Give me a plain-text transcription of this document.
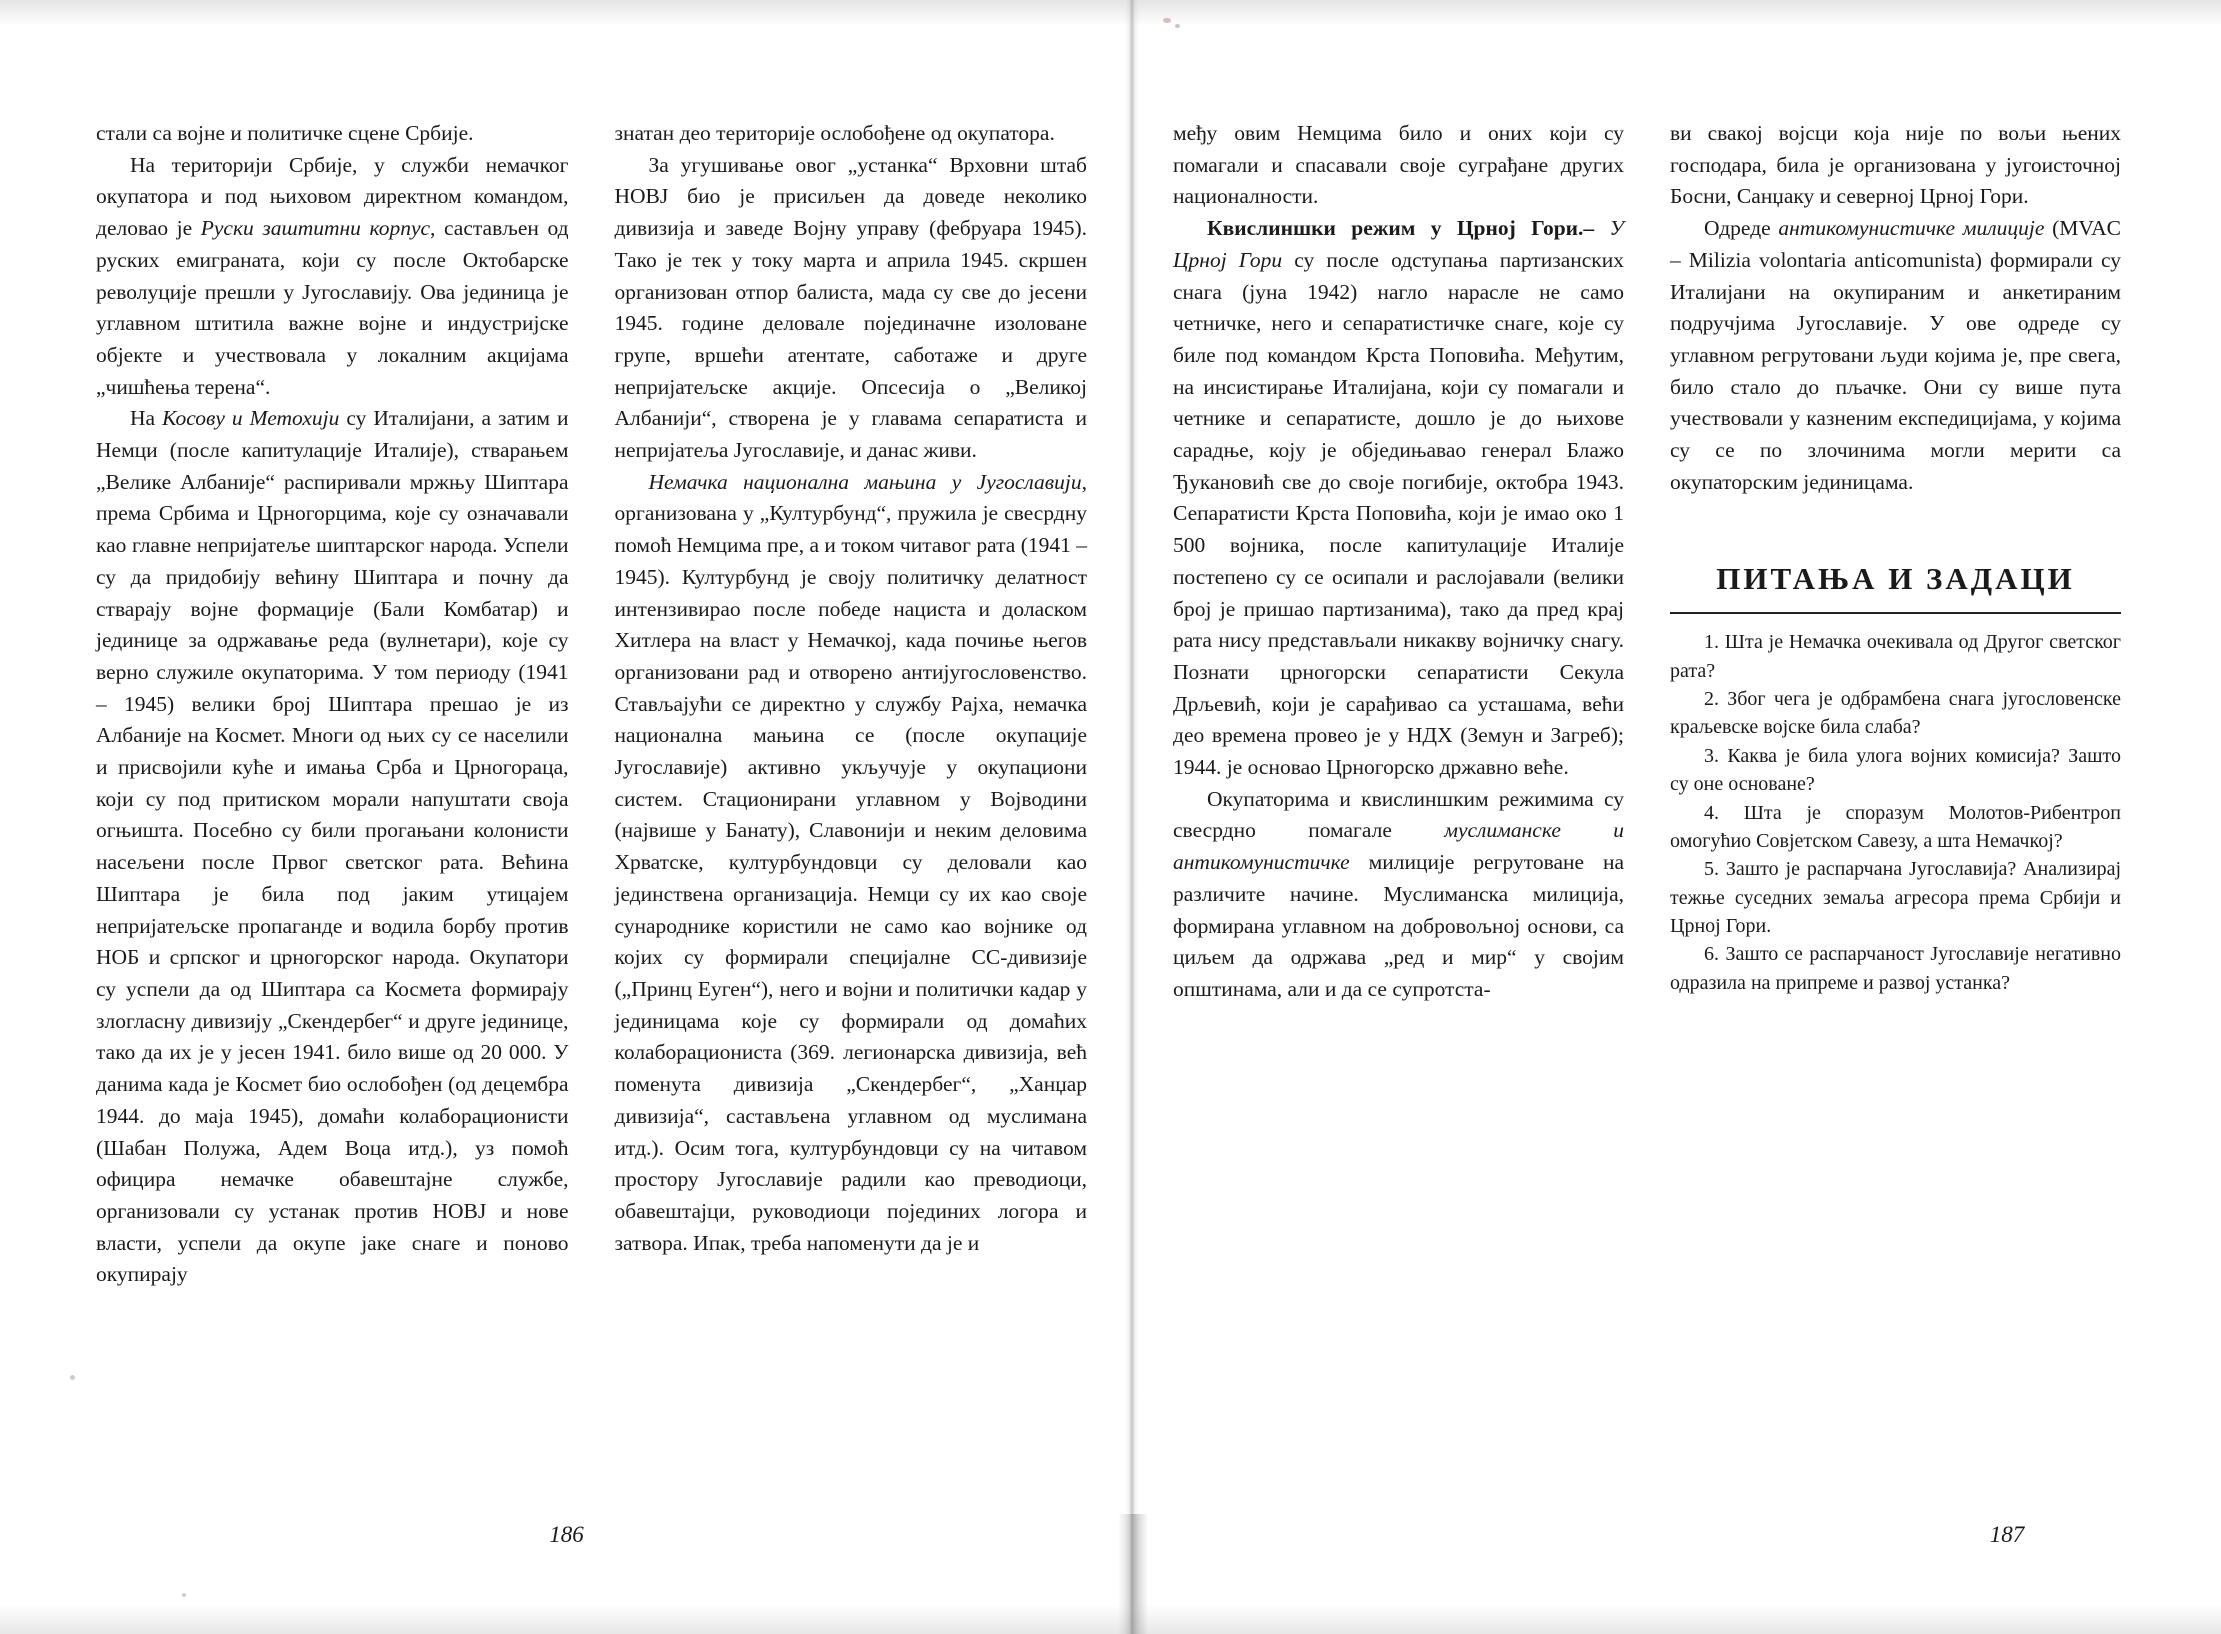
стали са војне и политичке сцене Србије.

На територији Србије, у служби немачког окупатора и под њиховом директном командом, деловао је Руски заштитни корпус, састављен од руских емиграната, који су после Октобарске револуције прешли у Југославију. Ова јединица је углавном штитила важне војне и индустријске објекте и учествовала у локалним акцијама „чишћења терена“.

На Косову и Метохији су Италијани, а затим и Немци (после капитулације Италије), стварањем „Велике Албаније“ распиривали мржњу Шиптара према Србима и Црногорцима, које су означавали као главне непријатеље шиптарског народа. Успели су да придобију већину Шиптара и почну да стварају војне формације (Бали Комбатар) и јединице за одржавање реда (вулнетари), које су верно служиле окупаторима. У том периоду (1941 – 1945) велики број Шиптара прешао је из Албаније на Космет. Многи од њих су се населили и присвојили куће и имања Срба и Црногораца, који су под притиском морали напуштати своја огњишта. Посебно су били прогањани колонисти насељени после Првог светског рата. Већина Шиптара је била под јаким утицајем непријатељске пропаганде и водила борбу против НОБ и српског и црногорског народа. Окупатори су успели да од Шиптара са Космета формирају злогласну дивизију „Скендербег“ и друге јединице, тако да их је у јесен 1941. било више од 20 000. У данима када је Космет био ослобођен (од децембра 1944. до маја 1945), домаћи колаборационисти (Шабан Полужа, Адем Воца итд.), уз помоћ официра немачке обавештајне службе, организовали су устанак против НОВЈ и нове власти, успели да окупе јаке снаге и поново окупирају

знатан део територије ослобођене од окупатора.

За угушивање овог „устанка“ Врховни штаб НОВЈ био је присиљен да доведе неколико дивизија и заведе Војну управу (фебруара 1945). Тако је тек у току марта и априла 1945. скршен организован отпор балиста, мада су све до јесени 1945. године деловале појединачне изоловане групе, вршећи атентате, саботаже и друге непријатељске акције. Опсесија о „Великој Албанији“, створена је у главама сепаратиста и непријатеља Југославије, и данас живи.

Немачка национална мањина у Југославији, организована у „Културбунд“, пружила је свесрдну помоћ Немцима пре, а и током читавог рата (1941 – 1945). Културбунд је своју политичку делатност интензивирао после победе нациста и доласком Хитлера на власт у Немачкој, када почиње његов организовани рад и отворено антијугословенство. Стављајући се директно у службу Рајха, немачка национална мањина се (после окупације Југославије) активно укључује у окупациони систем. Стационирани углавном у Војводини (највише у Банату), Славонији и неким деловима Хрватске, културбундовци су деловали као јединствена организација. Немци су их као своје сународнике користили не само као војнике од којих су формирали специјалне СС-дивизије („Принц Еуген“), него и војни и политички кадар у јединицама које су формирали од домаћих колаборациониста (369. легионарска дивизија, већ поменута дивизија „Скендербег“, „Ханџар дивизија“, састављена углавном од муслимана итд.). Осим тога, културбундовци су на читавом простору Југославије радили као преводиоци, обавештајци, руководиоци појединих логора и затвора. Ипак, треба напоменути да је и

186

међу овим Немцима било и оних који су помагали и спасавали своје суграђане других националности.

Квислиншки режим у Црној Гори.– У Црној Гори су после одступања партизанских снага (јуна 1942) нагло нарасле не само четничке, него и сепаратистичке снаге, које су биле под командом Крста Поповића. Међутим, на инсистирање Италијана, који су помагали и четнике и сепаратисте, дошло је до њихове сарадње, коју је обједињавао генерал Блажо Ђукановић све до своје погибије, октобра 1943. Сепаратисти Крста Поповића, који је имао око 1 500 војника, после капитулације Италије постепено су се осипали и раслојавали (велики број је пришао партизанима), тако да пред крај рата нису представљали никакву војничку снагу. Познати црногорски сепаратисти Секула Дрљевић, који је сарађивао са усташама, већи део времена провео је у НДХ (Земун и Загреб); 1944. је основао Црногорско државно веће.

Окупаторима и квислиншким режимима су свесрдно помагале муслиманске и антикомунистичке милиције регрутоване на различите начине. Муслиманска милиција, формирана углавном на добровољној основи, са циљем да одржава „ред и мир“ у својим општинама, али и да се супротста-

ви свакој војсци која није по вољи њених господара, била је организована у југоисточној Босни, Санџаку и северној Црној Гори.

Одреде антикомунистичке милиције (MVAC – Milizia volontaria anticomunista) формирали су Италијани на окупираним и анкетираним подручјима Југославије. У ове одреде су углавном регрутовани људи којима је, пре свега, било стало до пљачке. Они су више пута учествовали у казненим експедицијама, у којима су се по злочинима могли мерити са окупаторским јединицама.

ПИТАЊА И ЗАДАЦИ

1. Шта је Немачка очекивала од Другог светског рата?

2. Због чега је одбрамбена снага југословенске краљевске војске била слаба?

3. Каква је била улога војних комисија? Зашто су оне основане?

4. Шта је споразум Молотов-Рибентроп омогућио Совјетском Савезу, а шта Немачкој?

5. Зашто је распарчана Југославија? Анализирај тежње суседних земаља агресора према Србији и Црној Гори.

6. Зашто се распарчаност Југославије негативно одразила на припреме и развој устанка?

187
